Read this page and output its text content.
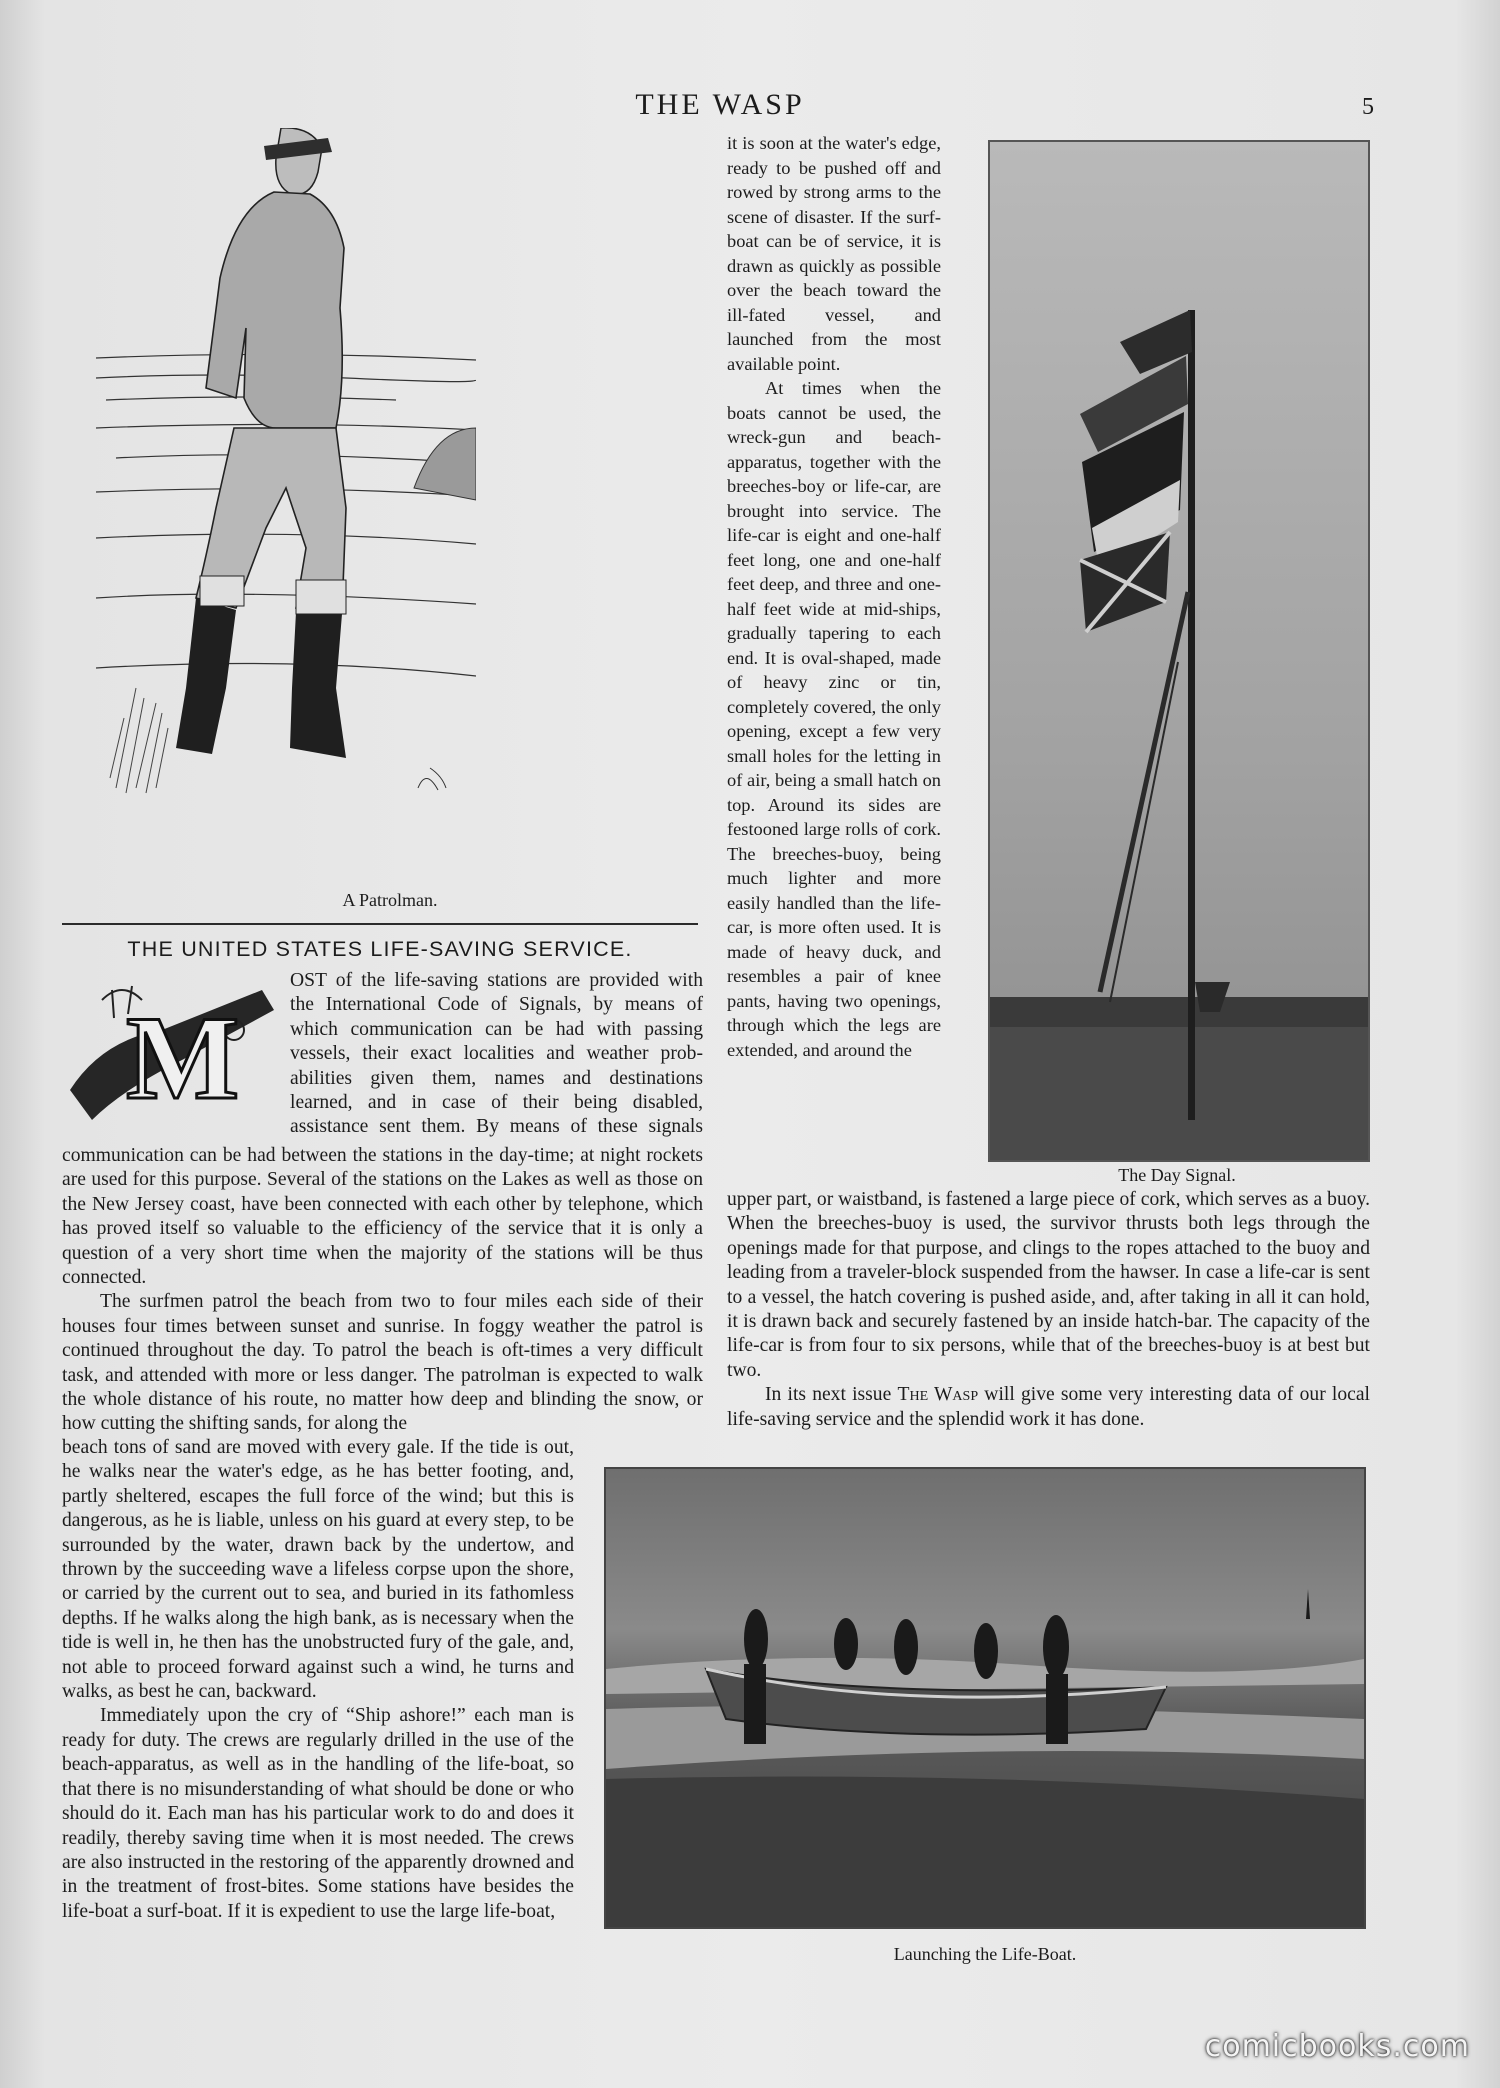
THE WASP	5
A Patrolman.
THE UNITED STATES LIFE-SAVING SERVICE.
M
OST of the life-saving stations are provided with
the International Code of Signals, by means of
which communication can be had with passing
vessels, their exact localities and weather prob-
abilities given them, names and destinations
learned, and in case of their being disabled,
assistance sent them. By means of these signals

communication can be had between the stations in the day-time; at night rockets are used for this purpose. Several of the stations on the Lakes as well as those on the New Jersey coast, have been connected with each other by telephone, which has proved itself so valuable to the efficiency of the service that it is only a question of a very short time when the majority of the stations will be thus connected.

The surfmen patrol the beach from two to four miles each side of their houses four times between sunset and sunrise. In foggy weather the patrol is continued throughout the day. To patrol the beach is oft-times a very difficult task, and attended with more or less danger. The patrolman is expected to walk the whole distance of his route, no matter how deep and blinding the snow, or how cutting the shifting sands, for along the

beach tons of sand are moved with every gale. If the tide is out, he walks near the water's edge, as he has better footing, and, partly sheltered, escapes the full force of the wind; but this is dangerous, as he is liable, unless on his guard at every step, to be surrounded by the water, drawn back by the undertow, and thrown by the succeeding wave a lifeless corpse upon the shore, or carried by the current out to sea, and buried in its fathomless depths. If he walks along the high bank, as is necessary when the tide is well in, he then has the unobstructed fury of the gale, and, not able to proceed forward against such a wind, he turns and walks, as best he can, backward.

Immediately upon the cry of “Ship ashore!” each man is ready for duty. The crews are regularly drilled in the use of the beach-apparatus, as well as in the handling of the life-boat, so that there is no misunderstanding of what should be done or who should do it. Each man has his particular work to do and does it readily, thereby saving time when it is most needed. The crews are also instructed in the restoring of the apparently drowned and in the treatment of frost-bites. Some stations have besides the life-boat a surf-boat. If it is expedient to use the large life-boat,

it is soon at the water's edge, ready to be pushed off and rowed by strong arms to the scene of disaster. If the surf-boat can be of service, it is drawn as quickly as possible over the beach toward the ill-fated vessel, and launched from the most available point.

At times when the boats cannot be used, the wreck-gun and beach-apparatus, together with the breeches-boy or life-car, are brought into service. The life-car is eight and one-half feet long, one and one-half feet deep, and three and one-half feet wide at mid-ships, gradually tapering to each end. It is oval-shaped, made of heavy zinc or tin, completely covered, the only opening, except a few very small holes for the letting in of air, being a small hatch on top. Around its sides are festooned large rolls of cork. The breeches-buoy, being much lighter and more easily handled than the life-car, is more often used. It is made of heavy duck, and resembles a pair of knee pants, having two openings, through which the legs are extended, and around the

The Day Signal.

upper part, or waistband, is fastened a large piece of cork, which serves as a buoy. When the breeches-buoy is used, the survivor thrusts both legs through the openings made for that purpose, and clings to the ropes attached to the buoy and leading from a traveler-block suspended from the hawser. In case a life-car is sent to a vessel, the hatch covering is pushed aside, and, after taking in all it can hold, it is drawn back and securely fastened by an inside hatch-bar. The capacity of the life-car is from four to six persons, while that of the breeches-buoy is at best but two.

In its next issue The Wasp will give some very interesting data of our local life-saving service and the splendid work it has done.

Launching the Life-Boat.
comicbooks.com
